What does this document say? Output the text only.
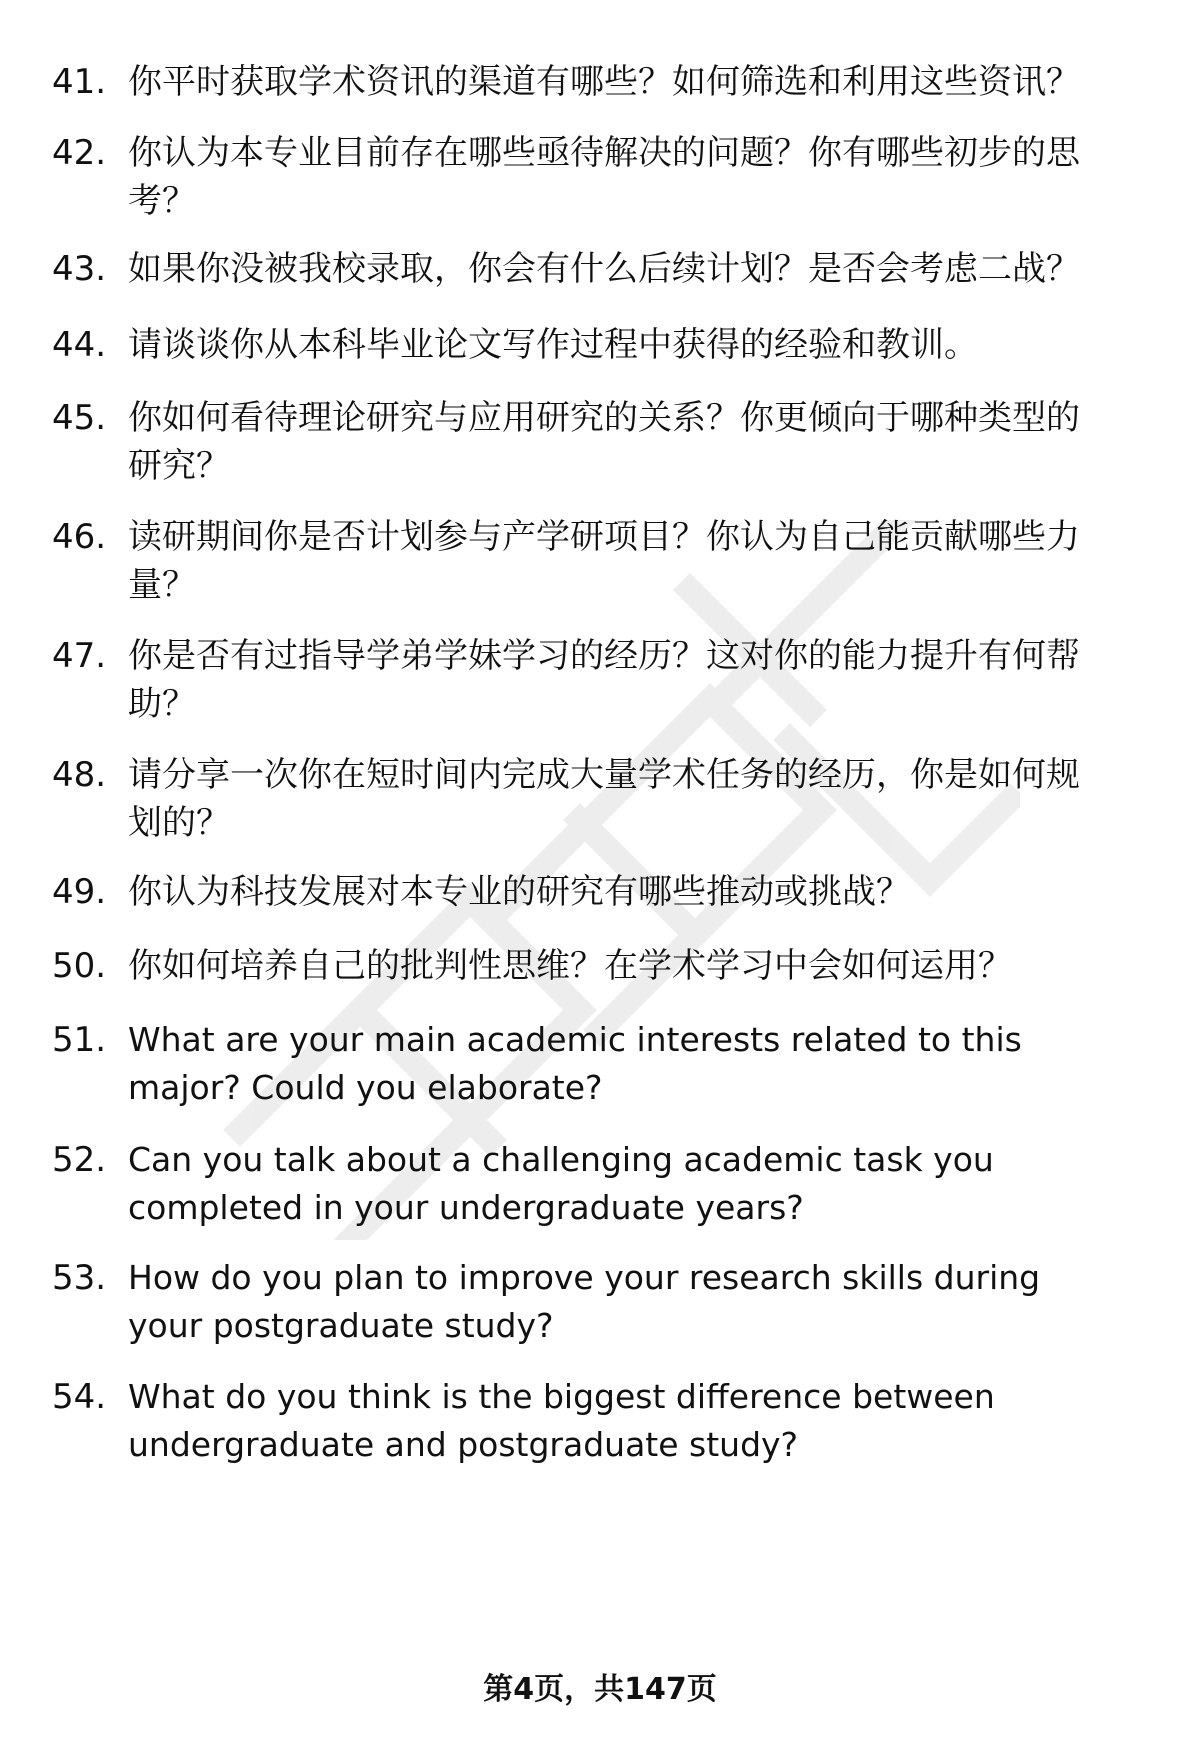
41. 你平时获取学术资讯的渠道有哪些？如何筛选和利用这些资讯？
42. 你认为本专业目前存在哪些亟待解决的问题？你有哪些初步的思
考？
43. 如果你没被我校录取，你会有什么后续计划？是否会考虑二战？
44. 请谈谈你从本科毕业论文写作过程中获得的经验和教训。
45. 你如何看待理论研究与应用研究的关系？你更倾向于哪种类型的
研究？
46. 读研期间你是否计划参与产学研项目？你认为自己能贡献哪些力
量？
47. 你是否有过指导学弟学妹学习的经历？这对你的能力提升有何帮
助？
48. 请分享一次你在短时间内完成大量学术任务的经历，你是如何规
划的？
49. 你认为科技发展对本专业的研究有哪些推动或挑战？
50. 你如何培养自己的批判性思维？在学术学习中会如何运用？
51. What are your main academic interests related to this
major? Could you elaborate?
52. Can you talk about a challenging academic task you
completed in your undergraduate years?
53. How do you plan to improve your research skills during
your postgraduate study?
54. What do you think is the biggest difference between
undergraduate and postgraduate study?
第4页，共147页
